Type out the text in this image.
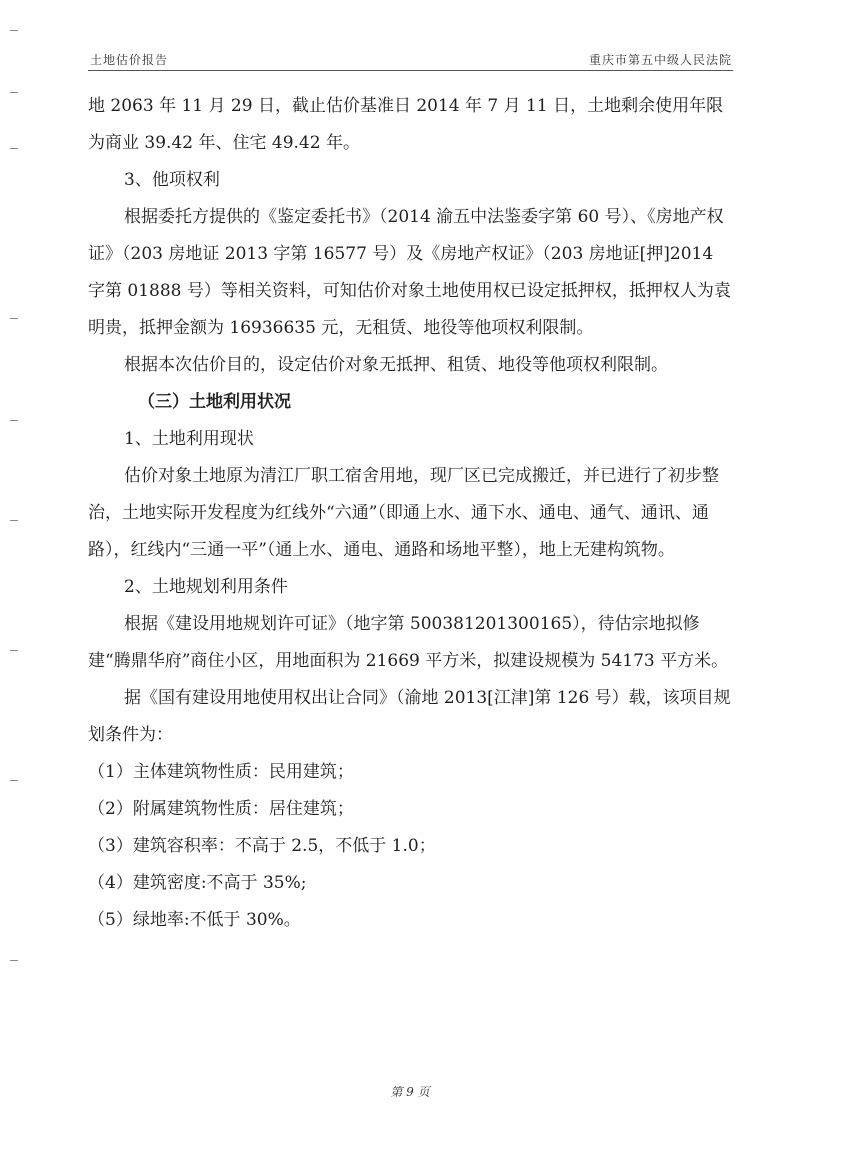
土地估价报告	重庆市第五中级人民法院

地 2063 年 11 月 29 日，截止估价基准日 2014 年 7 月 11 日，土地剩余使用年限为商业 39.42 年、住宅 49.42 年。

3、他项权利

根据委托方提供的《鉴定委托书》（2014 渝五中法鉴委字第 60 号）、《房地产权证》（203 房地证 2013 字第 16577 号）及《房地产权证》（203 房地证[押]2014 字第 01888 号）等相关资料，可知估价对象土地使用权已设定抵押权，抵押权人为袁明贵，抵押金额为 16936635 元，无租赁、地役等他项权利限制。

根据本次估价目的，设定估价对象无抵押、租赁、地役等他项权利限制。

（三）土地利用状况

1、土地利用现状

估价对象土地原为清江厂职工宿舍用地，现厂区已完成搬迁，并已进行了初步整治，土地实际开发程度为红线外“六通”（即通上水、通下水、通电、通气、通讯、通路），红线内“三通一平”（通上水、通电、通路和场地平整），地上无建构筑物。

2、土地规划利用条件

根据《建设用地规划许可证》（地字第 500381201300165），待估宗地拟修建“腾鼎华府”商住小区，用地面积为 21669 平方米，拟建设规模为 54173 平方米。

据《国有建设用地使用权出让合同》（渝地 2013[江津]第 126 号）载，该项目规划条件为：

（1）主体建筑物性质：民用建筑；

（2）附属建筑物性质：居住建筑；

（3）建筑容积率：不高于 2.5，不低于 1.0；

（4）建筑密度:不高于 35%;

（5）绿地率:不低于 30%。

第 9 页
